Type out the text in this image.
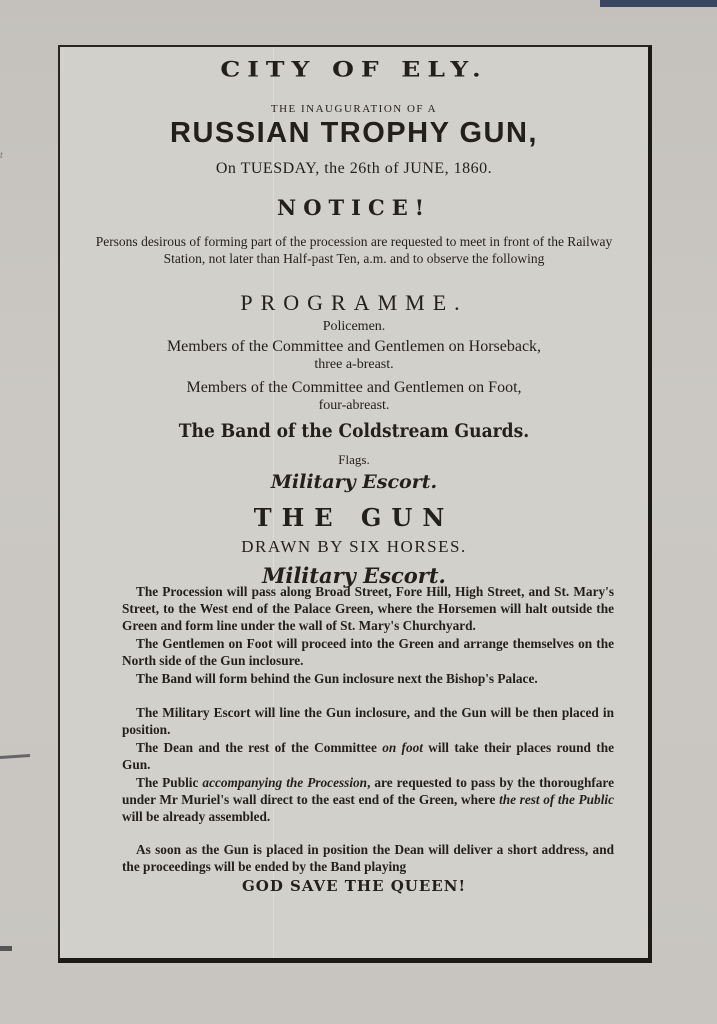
t
CITY OF ELY.
THE INAUGURATION OF A
RUSSIAN TROPHY GUN,
On TUESDAY, the 26th of JUNE, 1860.
NOTICE!
Persons desirous of forming part of the procession are requested to meet in front of the Railway Station, not later than Half-past Ten, a.m. and to observe the following
PROGRAMME.
Policemen.
Members of the Committee and Gentlemen on Horseback,
three a-breast.
Members of the Committee and Gentlemen on Foot,
four-abreast.
The Band of the Coldstream Guards.
Flags.
Military Escort.
THE GUN
DRAWN BY SIX HORSES.
Military Escort.

The Procession will pass along Broad Street, Fore Hill, High Street, and St. Mary's Street, to the West end of the Palace Green, where the Horsemen will halt outside the Green and form line under the wall of St. Mary's Churchyard.

The Gentlemen on Foot will proceed into the Green and arrange themselves on the North side of the Gun inclosure.

The Band will form behind the Gun inclosure next the Bishop's Palace.

The Military Escort will line the Gun inclosure, and the Gun will be then placed in position.

The Dean and the rest of the Committee on foot will take their places round the Gun.

The Public accompanying the Procession, are requested to pass by the thoroughfare under Mr Muriel's wall direct to the east end of the Green, where the rest of the Public will be already assembled.

As soon as the Gun is placed in position the Dean will deliver a short address, and the proceedings will be ended by the Band playing

GOD SAVE THE QUEEN!
